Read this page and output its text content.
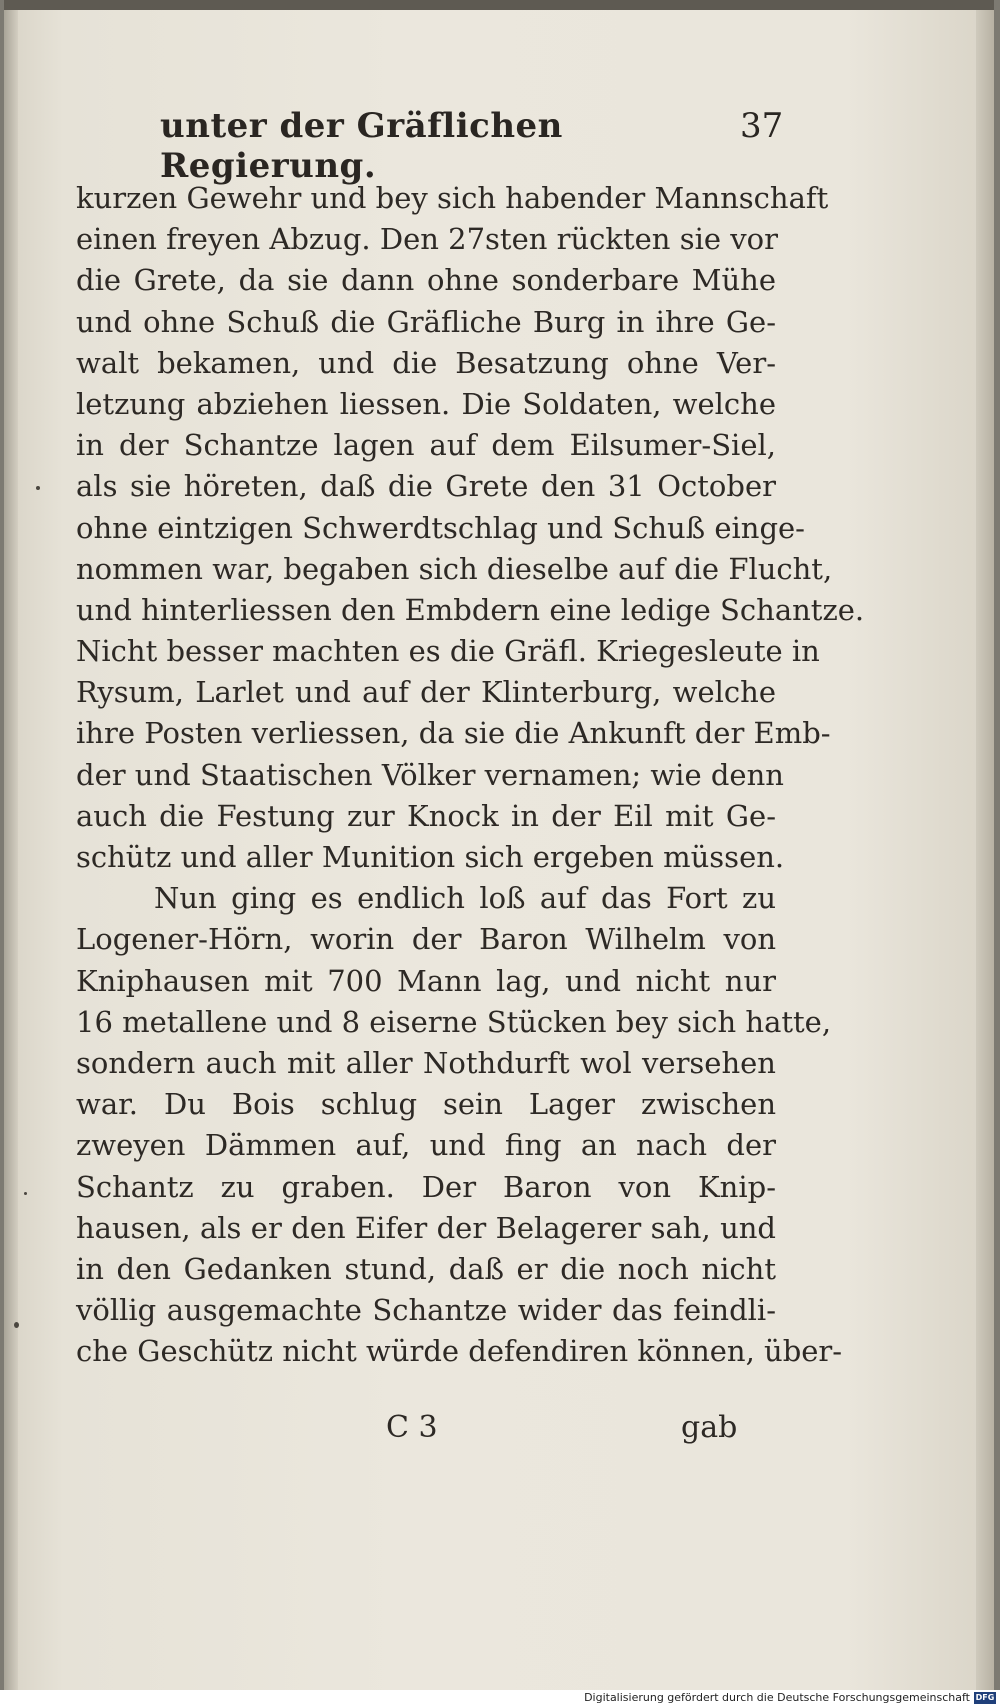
unter der Gräflichen Regierung.
37
kurzen Gewehr und bey sich habender Mannschaft
einen freyen Abzug. Den 27sten rückten sie vor
die Grete, da sie dann ohne sonderbare Mühe
und ohne Schuß die Gräfliche Burg in ihre Ge-
walt bekamen, und die Besatzung ohne Ver-
letzung abziehen liessen. Die Soldaten, welche
in der Schantze lagen auf dem Eilsumer-Siel,
als sie höreten, daß die Grete den 31 October
ohne eintzigen Schwerdtschlag und Schuß einge-
nommen war, begaben sich dieselbe auf die Flucht,
und hinterliessen den Embdern eine ledige Schantze.
Nicht besser machten es die Gräfl. Kriegesleute in
Rysum, Larlet und auf der Klinterburg, welche
ihre Posten verliessen, da sie die Ankunft der Emb-
der und Staatischen Völker vernamen; wie denn
auch die Festung zur Knock in der Eil mit Ge-
schütz und aller Munition sich ergeben müssen.
Nun ging es endlich loß auf das Fort zu
Logener-Hörn, worin der Baron Wilhelm von
Kniphausen mit 700 Mann lag, und nicht nur
16 metallene und 8 eiserne Stücken bey sich hatte,
sondern auch mit aller Nothdurft wol versehen
war. Du Bois schlug sein Lager zwischen
zweyen Dämmen auf, und fing an nach der
Schantz zu graben. Der Baron von Knip-
hausen, als er den Eifer der Belagerer sah, und
in den Gedanken stund, daß er die noch nicht
völlig ausgemachte Schantze wider das feindli-
che Geschütz nicht würde defendiren können, über-
C 3	gab
Digitalisierung gefördert durch die Deutsche Forschungsgemeinschaft DFG
